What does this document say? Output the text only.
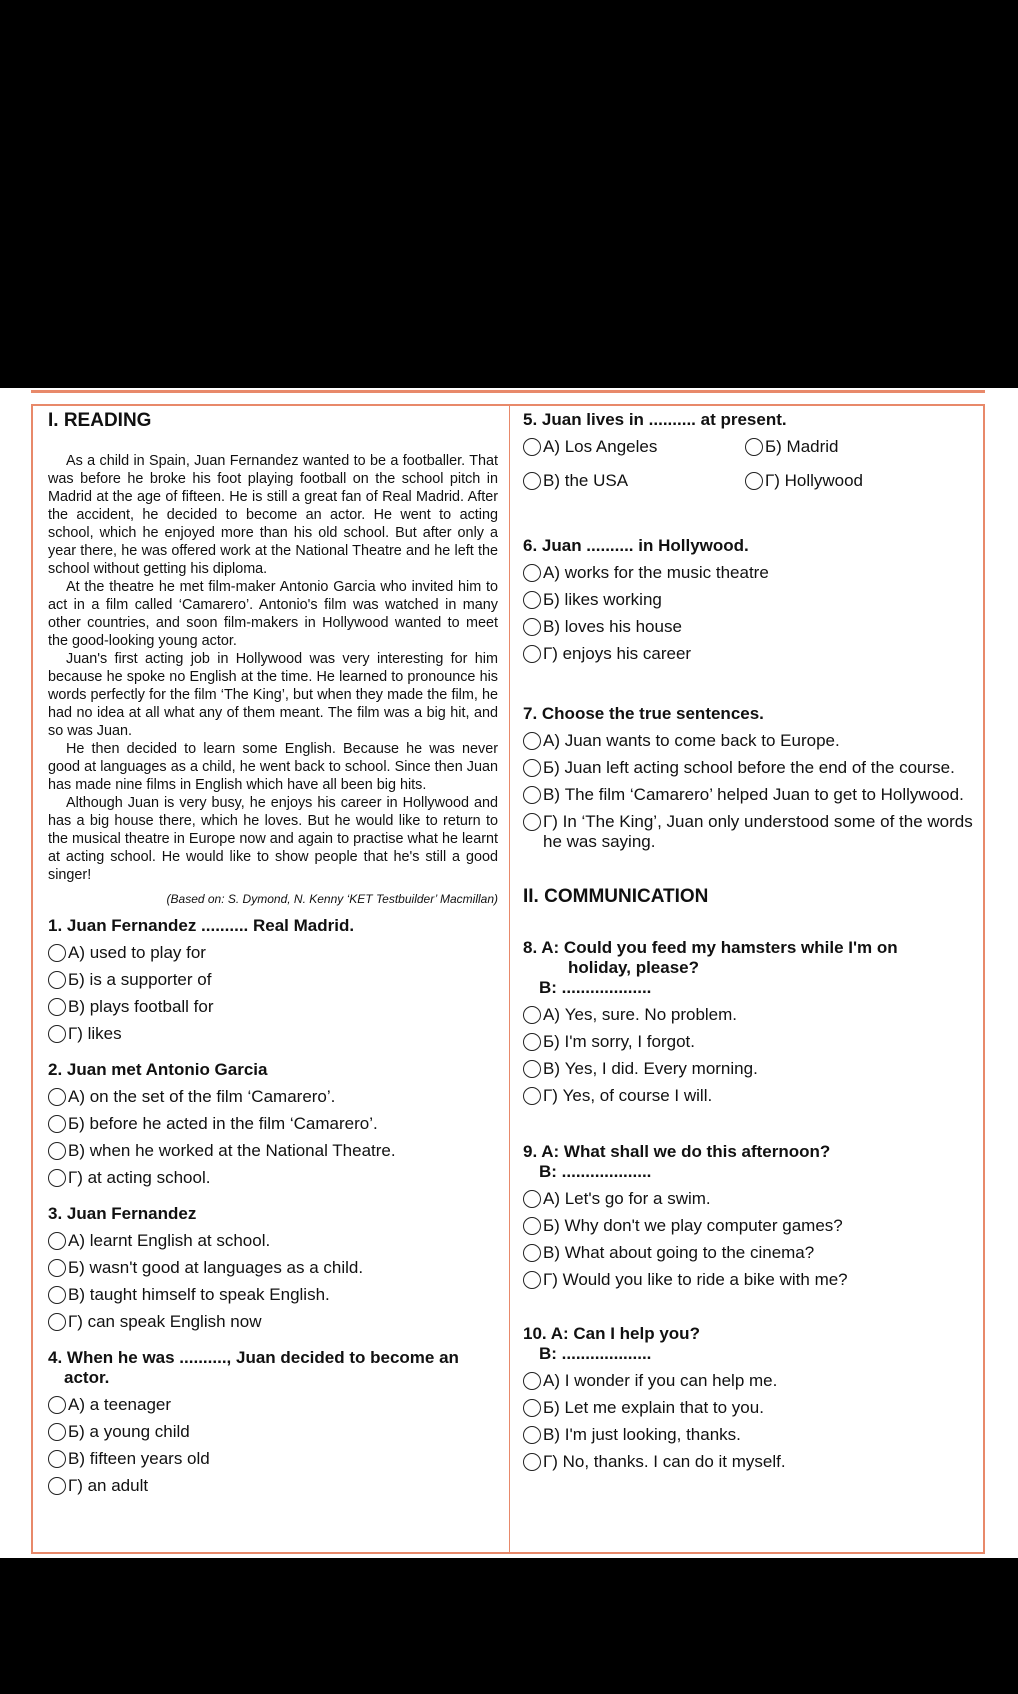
I. READING

As a child in Spain, Juan Fernandez wanted to be a footballer. That was before he broke his foot playing football on the school pitch in Madrid at the age of fifteen. He is still a great fan of Real Madrid. After the accident, he decided to become an actor. He went to acting school, which he enjoyed more than his old school. But after only a year there, he was offered work at the National Theatre and he left the school without getting his diploma.

At the theatre he met film-maker Antonio Garcia who invited him to act in a film called ‘Camarero’. Antonio's film was watched in many other countries, and soon film-makers in Hollywood wanted to meet the good-looking young actor.

Juan's first acting job in Hollywood was very interesting for him because he spoke no English at the time. He learned to pronounce his words perfectly for the film ‘The King’, but when they made the film, he had no idea at all what any of them meant. The film was a big hit, and so was Juan.

He then decided to learn some English. Because he was never good at languages as a child, he went back to school. Since then Juan has made nine films in English which have all been big hits.

Although Juan is very busy, he enjoys his career in Hollywood and has a big house there, which he loves. But he would like to return to the musical theatre in Europe now and again to practise what he learnt at acting school. He would like to show people that he's still a good singer!

(Based on: S. Dymond, N. Kenny ‘KET Testbuilder’ Macmillan)
1. Juan Fernandez .......... Real Madrid.
А) used to play for
Б) is a supporter of
В) plays football for
Г) likes
2. Juan met Antonio Garcia
А) on the set of the film ‘Camarero’.
Б) before he acted in the film ‘Camarero’.
В) when he worked at the National Theatre.
Г) at acting school.
3. Juan Fernandez
А) learnt English at school.
Б) wasn't good at languages as a child.
В) taught himself to speak English.
Г) can speak English now
4. When he was .........., Juan decided to become an
actor.
А) a teenager
Б) a young child
В) fifteen years old
Г) an adult
5. Juan lives in .......... at present.
А) Los Angeles	Б) Madrid
В) the USA	Г) Hollywood
6. Juan .......... in Hollywood.
А) works for the music theatre
Б) likes working
В) loves his house
Г) enjoys his career
7. Choose the true sentences.
А) Juan wants to come back to Europe.
Б) Juan left acting school before the end of the course.
В) The film ‘Camarero’ helped Juan to get to Hollywood.
Г) In ‘The King’, Juan only understood some of the words he was saying.
II. COMMUNICATION
8. A: Could you feed my hamsters while I'm on
holiday, please?
B: ...................
А) Yes, sure. No problem.
Б) I'm sorry, I forgot.
В) Yes, I did. Every morning.
Г) Yes, of course I will.
9. A: What shall we do this afternoon?
B: ...................
А) Let's go for a swim.
Б) Why don't we play computer games?
В) What about going to the cinema?
Г) Would you like to ride a bike with me?
10. A: Can I help you?
B: ...................
А) I wonder if you can help me.
Б) Let me explain that to you.
В) I'm just looking, thanks.
Г) No, thanks. I can do it myself.
